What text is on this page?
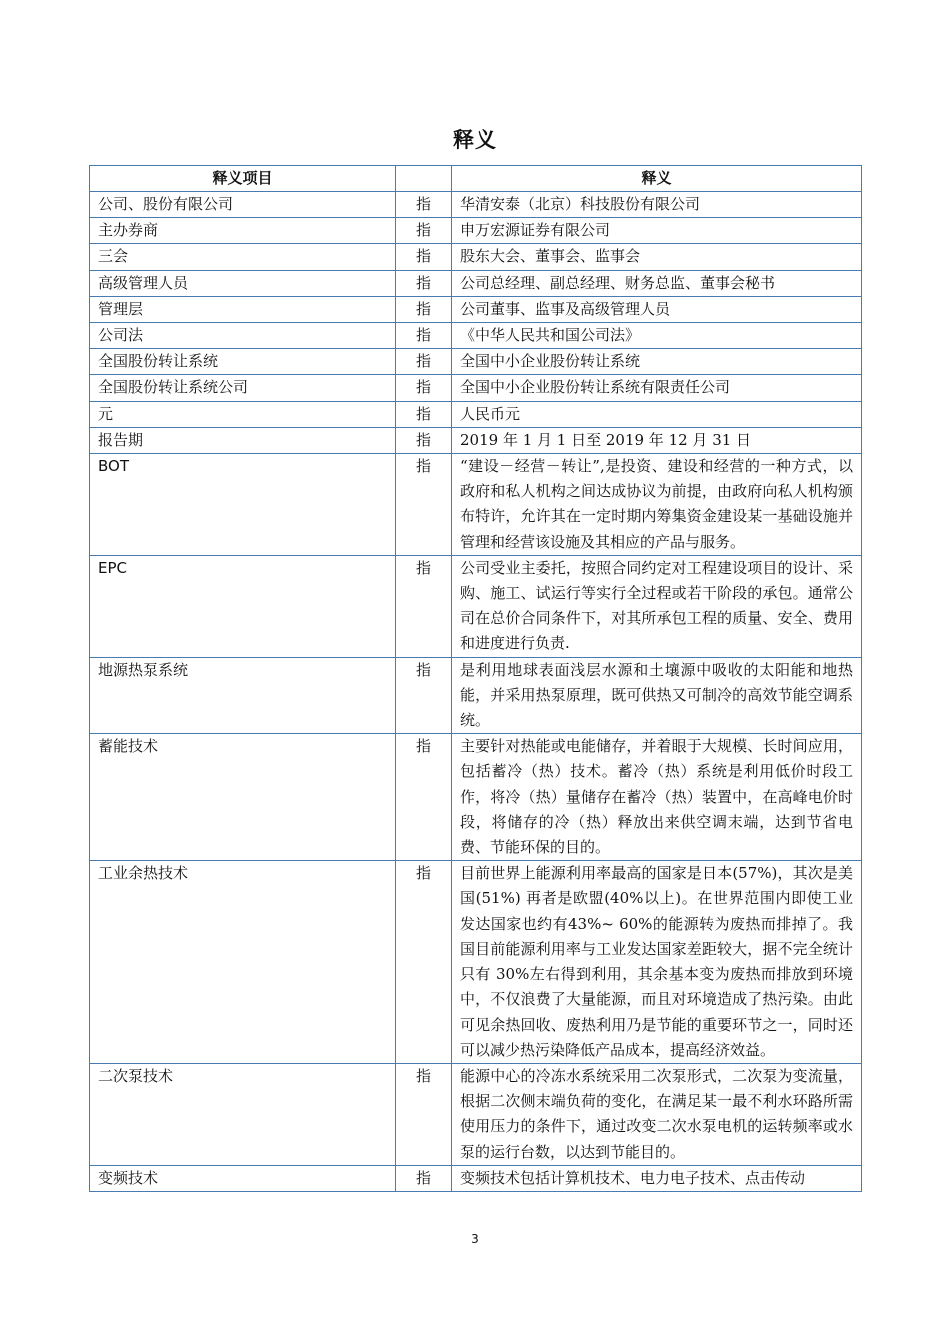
释义
释义项目		释义
公司、股份有限公司	指	华清安泰（北京）科技股份有限公司
主办券商	指	申万宏源证券有限公司
三会	指	股东大会、董事会、监事会
高级管理人员	指	公司总经理、副总经理、财务总监、董事会秘书
管理层	指	公司董事、监事及高级管理人员
公司法	指	《中华人民共和国公司法》
全国股份转让系统	指	全国中小企业股份转让系统
全国股份转让系统公司	指	全国中小企业股份转让系统有限责任公司
元	指	人民币元
报告期	指	2019 年 1 月 1 日至 2019 年 12 月 31 日
BOT	指	“建设－经营－转让”,是投资、建设和经营的一种方式，以政府和私人机构之间达成协议为前提，由政府向私人机构颁布特许，允许其在一定时期内筹集资金建设某一基础设施并管理和经营该设施及其相应的产品与服务。
EPC	指	公司受业主委托，按照合同约定对工程建设项目的设计、采购、施工、试运行等实行全过程或若干阶段的承包。通常公司在总价合同条件下，对其所承包工程的质量、安全、费用和进度进行负责.
地源热泵系统	指	是利用地球表面浅层水源和土壤源中吸收的太阳能和地热能，并采用热泵原理，既可供热又可制冷的高效节能空调系统。
蓄能技术	指	主要针对热能或电能储存，并着眼于大规模、长时间应用，包括蓄冷（热）技术。蓄冷（热）系统是利用低价时段工作，将冷（热）量储存在蓄冷（热）装置中，在高峰电价时段，将储存的冷（热）释放出来供空调末端，达到节省电费、节能环保的目的。
工业余热技术	指	目前世界上能源利用率最高的国家是日本(57%)，其次是美国(51%) 再者是欧盟(40%以上)。在世界范围内即使工业发达国家也约有43%~ 60%的能源转为废热而排掉了。我国目前能源利用率与工业发达国家差距较大，据不完全统计只有 30%左右得到利用，其余基本变为废热而排放到环境中，不仅浪费了大量能源，而且对环境造成了热污染。由此可见余热回收、废热利用乃是节能的重要环节之一，同时还可以减少热污染降低产品成本，提高经济效益。
二次泵技术	指	能源中心的冷冻水系统采用二次泵形式，二次泵为变流量，根据二次侧末端负荷的变化，在满足某一最不利水环路所需使用压力的条件下，通过改变二次水泵电机的运转频率或水泵的运行台数，以达到节能目的。
变频技术	指	变频技术包括计算机技术、电力电子技术、点击传动
3
